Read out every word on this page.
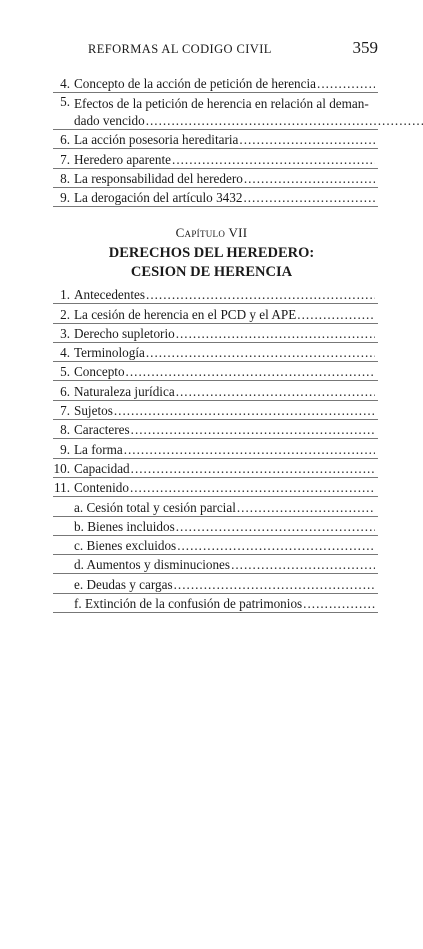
REFORMAS AL CODIGO CIVIL	359
4. Concepto de la acción de petición de herencia
.....
5. Efectos de la petición de herencia en relación al deman-
dado vencido
.....
6. La acción posesoria hereditaria
.....
7. Heredero aparente
.....
8. La responsabilidad del heredero
.....
9. La derogación del artículo 3432
.....
Capítulo VII
DERECHOS DEL HEREDERO:
CESION DE HERENCIA
1. Antecedentes
.....
2. La cesión de herencia en el PCD y el APE
.....
3. Derecho supletorio
.....
4. Terminología
.....
5. Concepto
.....
6. Naturaleza jurídica
.....
7. Sujetos
.....
8. Caracteres
.....
9. La forma
.....
10. Capacidad
.....
11. Contenido
.....
a. Cesión total y cesión parcial
.....
b. Bienes incluidos
.....
c. Bienes excluidos
.....
d. Aumentos y disminuciones
.....
e. Deudas y cargas
.....
f. Extinción de la confusión de patrimonios
.....
